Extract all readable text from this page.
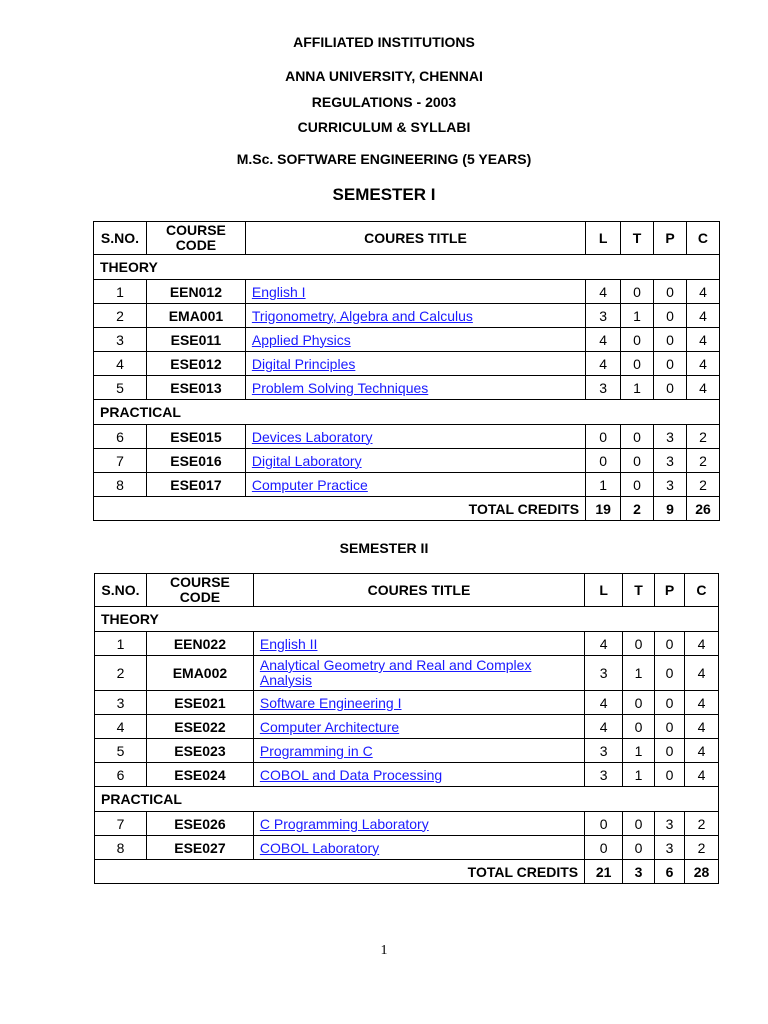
AFFILIATED INSTITUTIONS
ANNA UNIVERSITY, CHENNAI
REGULATIONS - 2003
CURRICULUM & SYLLABI
M.Sc. SOFTWARE ENGINEERING (5 YEARS)
SEMESTER I
S.NO.	COURSE CODE	COURES TITLE	L	T	P	C
THEORY						
1	EEN012	English I	4	0	0	4
2	EMA001	Trigonometry, Algebra and Calculus	3	1	0	4
3	ESE011	Applied Physics	4	0	0	4
4	ESE012	Digital Principles	4	0	0	4
5	ESE013	Problem Solving Techniques	3	1	0	4
PRACTICAL						
6	ESE015	Devices Laboratory	0	0	3	2
7	ESE016	Digital Laboratory	0	0	3	2
8	ESE017	Computer Practice	1	0	3	2
TOTAL CREDITS			19	2	9	26
SEMESTER II
S.NO.	COURSE CODE	COURES TITLE	L	T	P	C
THEORY						
1	EEN022	English II	4	0	0	4
2	EMA002	Analytical Geometry and Real and Complex Analysis	3	1	0	4
3	ESE021	Software Engineering I	4	0	0	4
4	ESE022	Computer Architecture	4	0	0	4
5	ESE023	Programming in C	3	1	0	4
6	ESE024	COBOL and Data Processing	3	1	0	4
PRACTICAL						
7	ESE026	C Programming Laboratory	0	0	3	2
8	ESE027	COBOL Laboratory	0	0	3	2
TOTAL CREDITS			21	3	6	28
1
